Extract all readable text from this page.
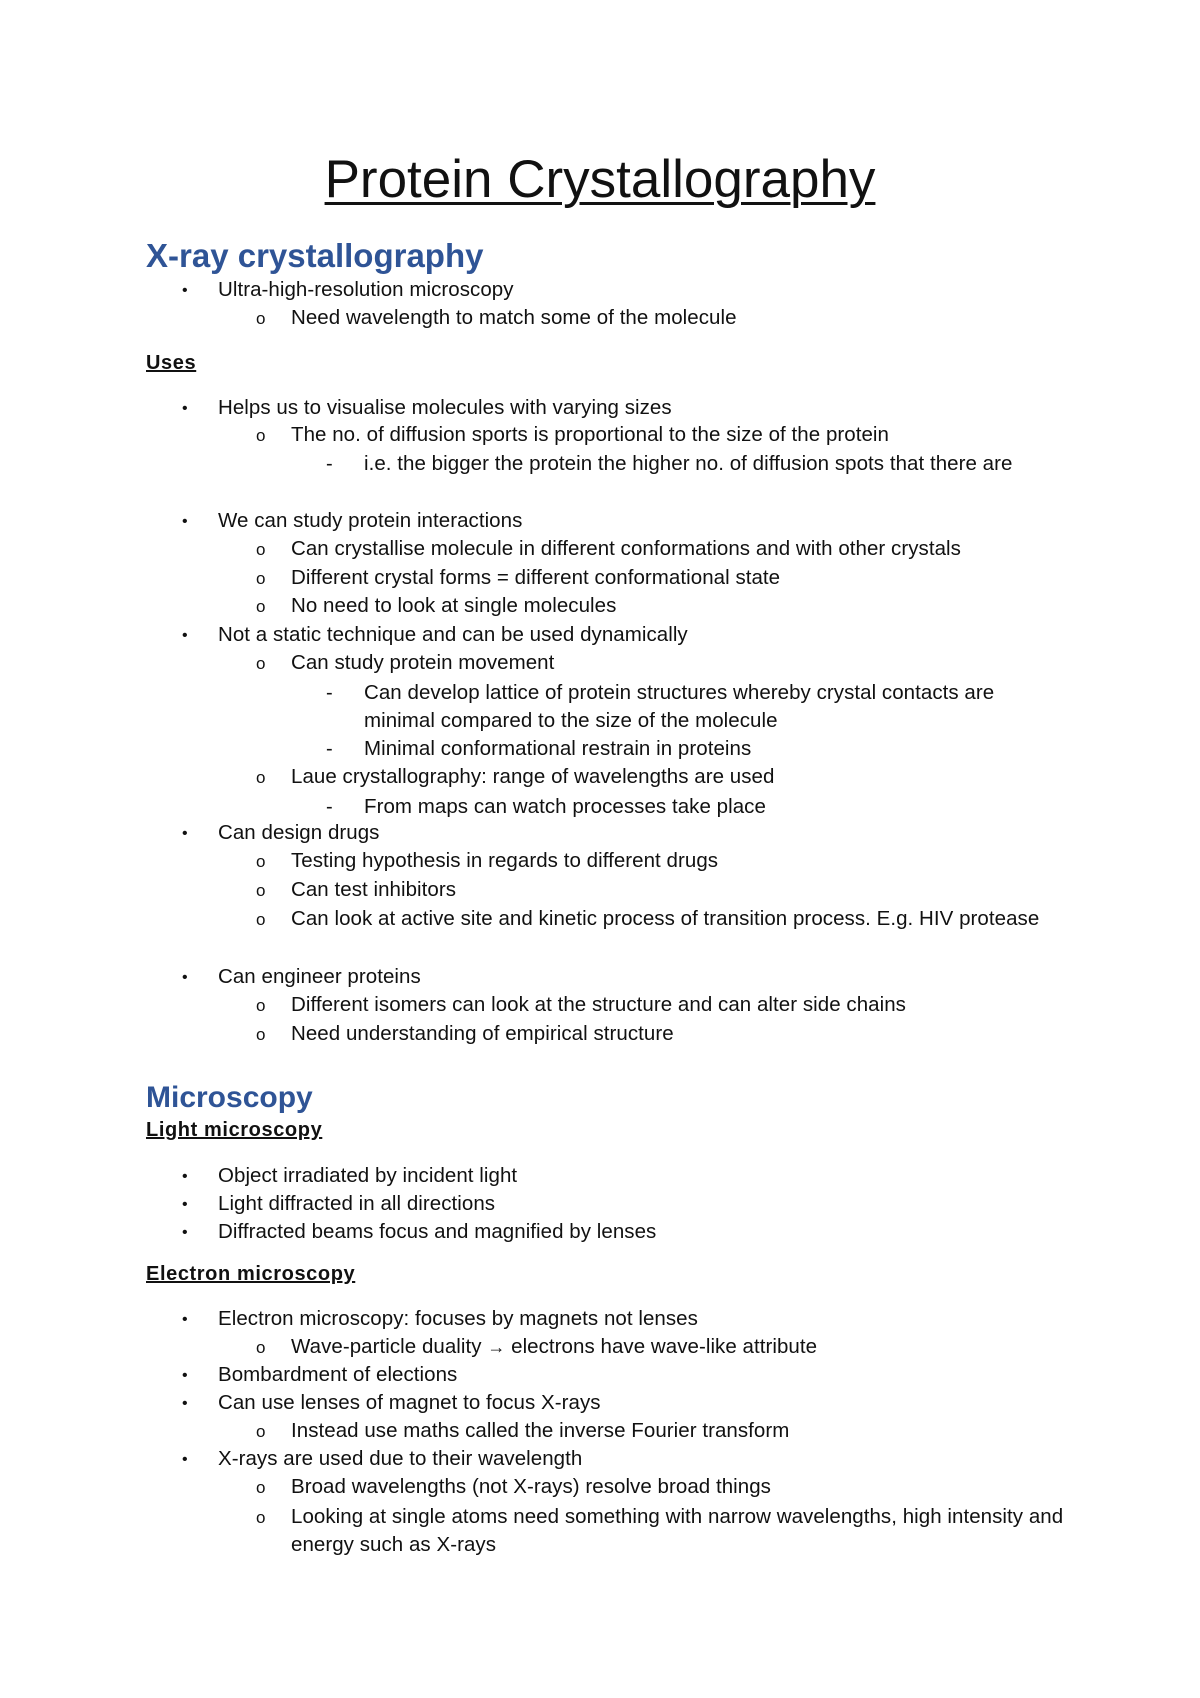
Protein Crystallography
X-ray crystallography
• Ultra-high-resolution microscopy
o Need wavelength to match some of the molecule
Uses
• Helps us to visualise molecules with varying sizes
o The no. of diffusion sports is proportional to the size of the protein
- i.e. the bigger the protein the higher no. of diffusion spots that there are
• We can study protein interactions
o Can crystallise molecule in different conformations and with other crystals
o Different crystal forms = different conformational state
o No need to look at single molecules
• Not a static technique and can be used dynamically
o Can study protein movement
- Can develop lattice of protein structures whereby crystal contacts are minimal compared to the size of the molecule
- Minimal conformational restrain in proteins
o Laue crystallography: range of wavelengths are used
- From maps can watch processes take place
• Can design drugs
o Testing hypothesis in regards to different drugs
o Can test inhibitors
o Can look at active site and kinetic process of transition process. E.g. HIV protease
• Can engineer proteins
o Different isomers can look at the structure and can alter side chains
o Need understanding of empirical structure
Microscopy
Light microscopy
• Object irradiated by incident light
• Light diffracted in all directions
• Diffracted beams focus and magnified by lenses
Electron microscopy
• Electron microscopy: focuses by magnets not lenses
o Wave-particle duality → electrons have wave-like attribute
• Bombardment of elections
• Can use lenses of magnet to focus X-rays
o Instead use maths called the inverse Fourier transform
• X-rays are used due to their wavelength
o Broad wavelengths (not X-rays) resolve broad things
o Looking at single atoms need something with narrow wavelengths, high intensity and energy such as X-rays
